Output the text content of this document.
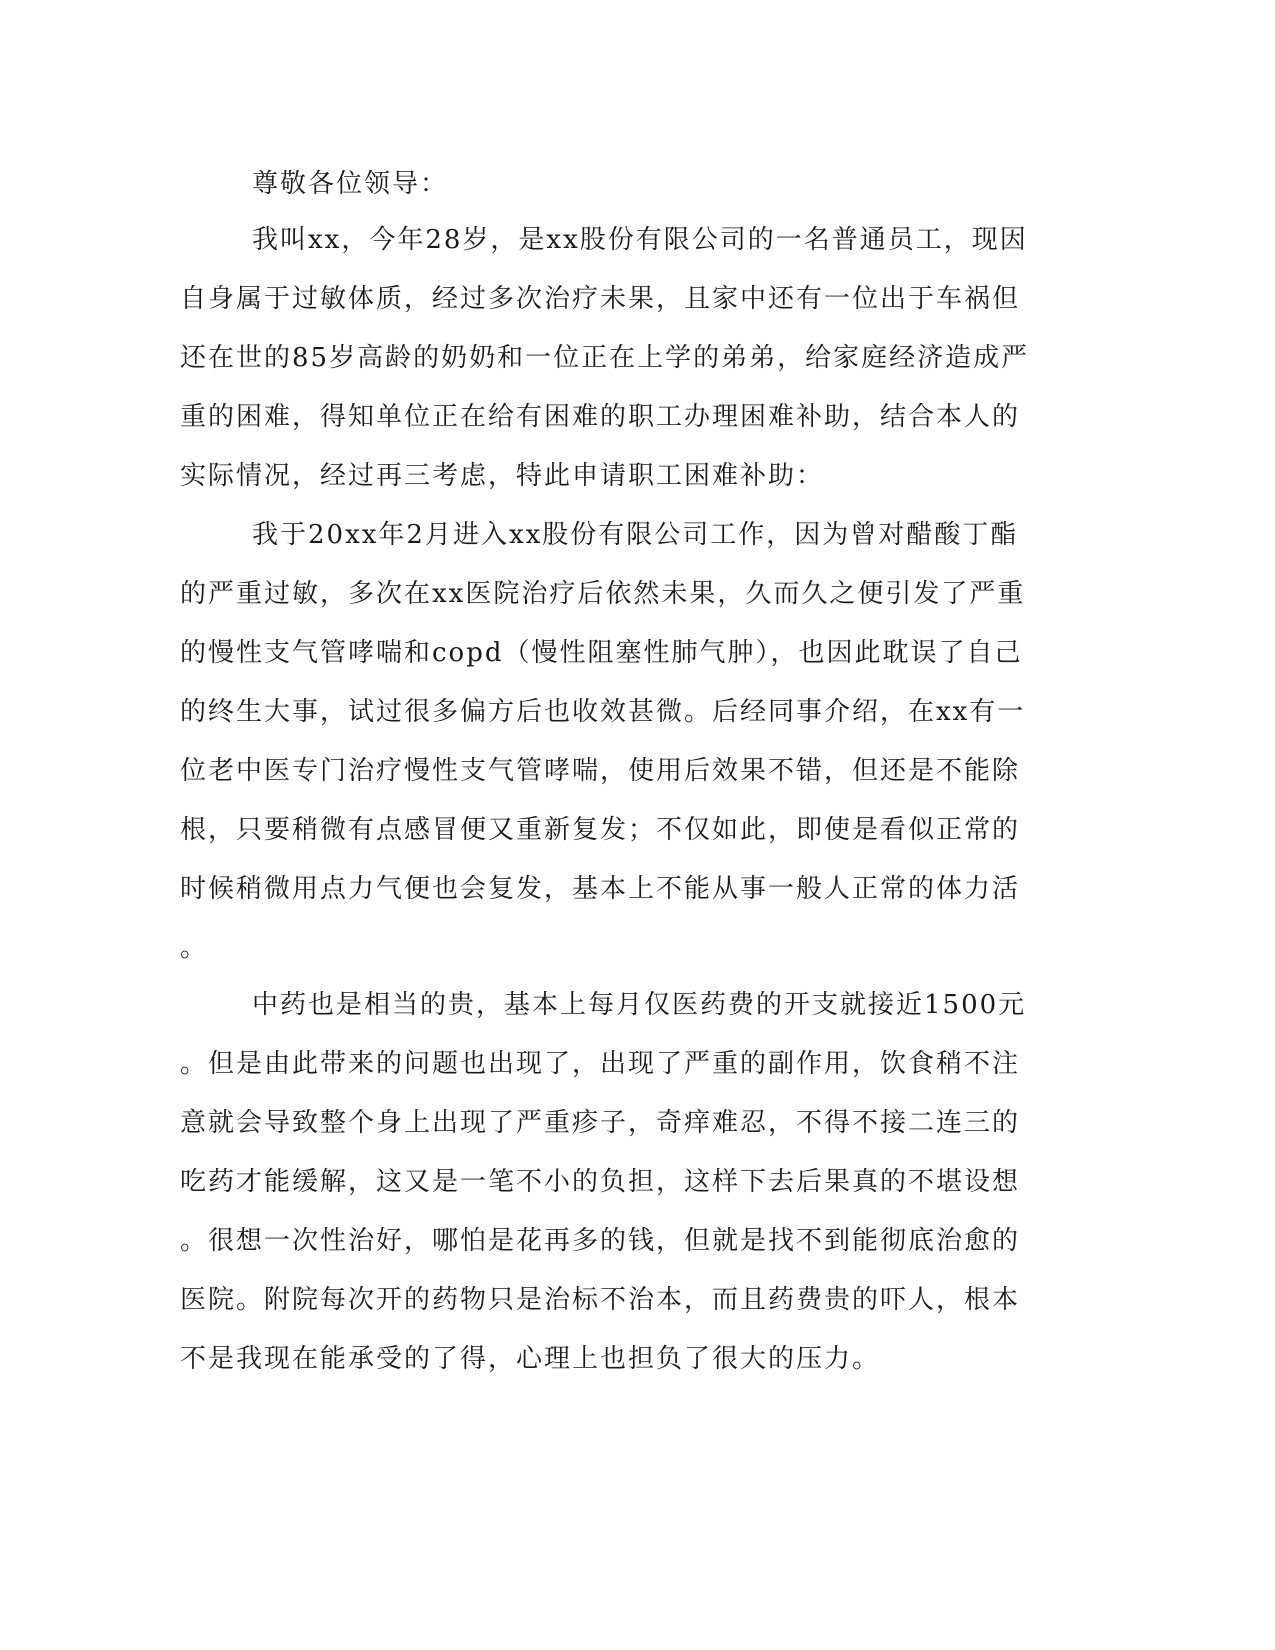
尊敬各位领导：
我叫xx，今年28岁，是xx股份有限公司的一名普通员工，现因
自身属于过敏体质，经过多次治疗未果，且家中还有一位出于车祸但
还在世的85岁高龄的奶奶和一位正在上学的弟弟，给家庭经济造成严
重的困难，得知单位正在给有困难的职工办理困难补助，结合本人的
实际情况，经过再三考虑，特此申请职工困难补助：
我于20xx年2月进入xx股份有限公司工作，因为曾对醋酸丁酯
的严重过敏，多次在xx医院治疗后依然未果，久而久之便引发了严重
的慢性支气管哮喘和copd（慢性阻塞性肺气肿），也因此耽误了自己
的终生大事，试过很多偏方后也收效甚微。后经同事介绍，在xx有一
位老中医专门治疗慢性支气管哮喘，使用后效果不错，但还是不能除
根，只要稍微有点感冒便又重新复发；不仅如此，即使是看似正常的
时候稍微用点力气便也会复发，基本上不能从事一般人正常的体力活
。
中药也是相当的贵，基本上每月仅医药费的开支就接近1500元
。但是由此带来的问题也出现了，出现了严重的副作用，饮食稍不注
意就会导致整个身上出现了严重疹子，奇痒难忍，不得不接二连三的
吃药才能缓解，这又是一笔不小的负担，这样下去后果真的不堪设想
。很想一次性治好，哪怕是花再多的钱，但就是找不到能彻底治愈的
医院。附院每次开的药物只是治标不治本，而且药费贵的吓人，根本
不是我现在能承受的了得，心理上也担负了很大的压力。
